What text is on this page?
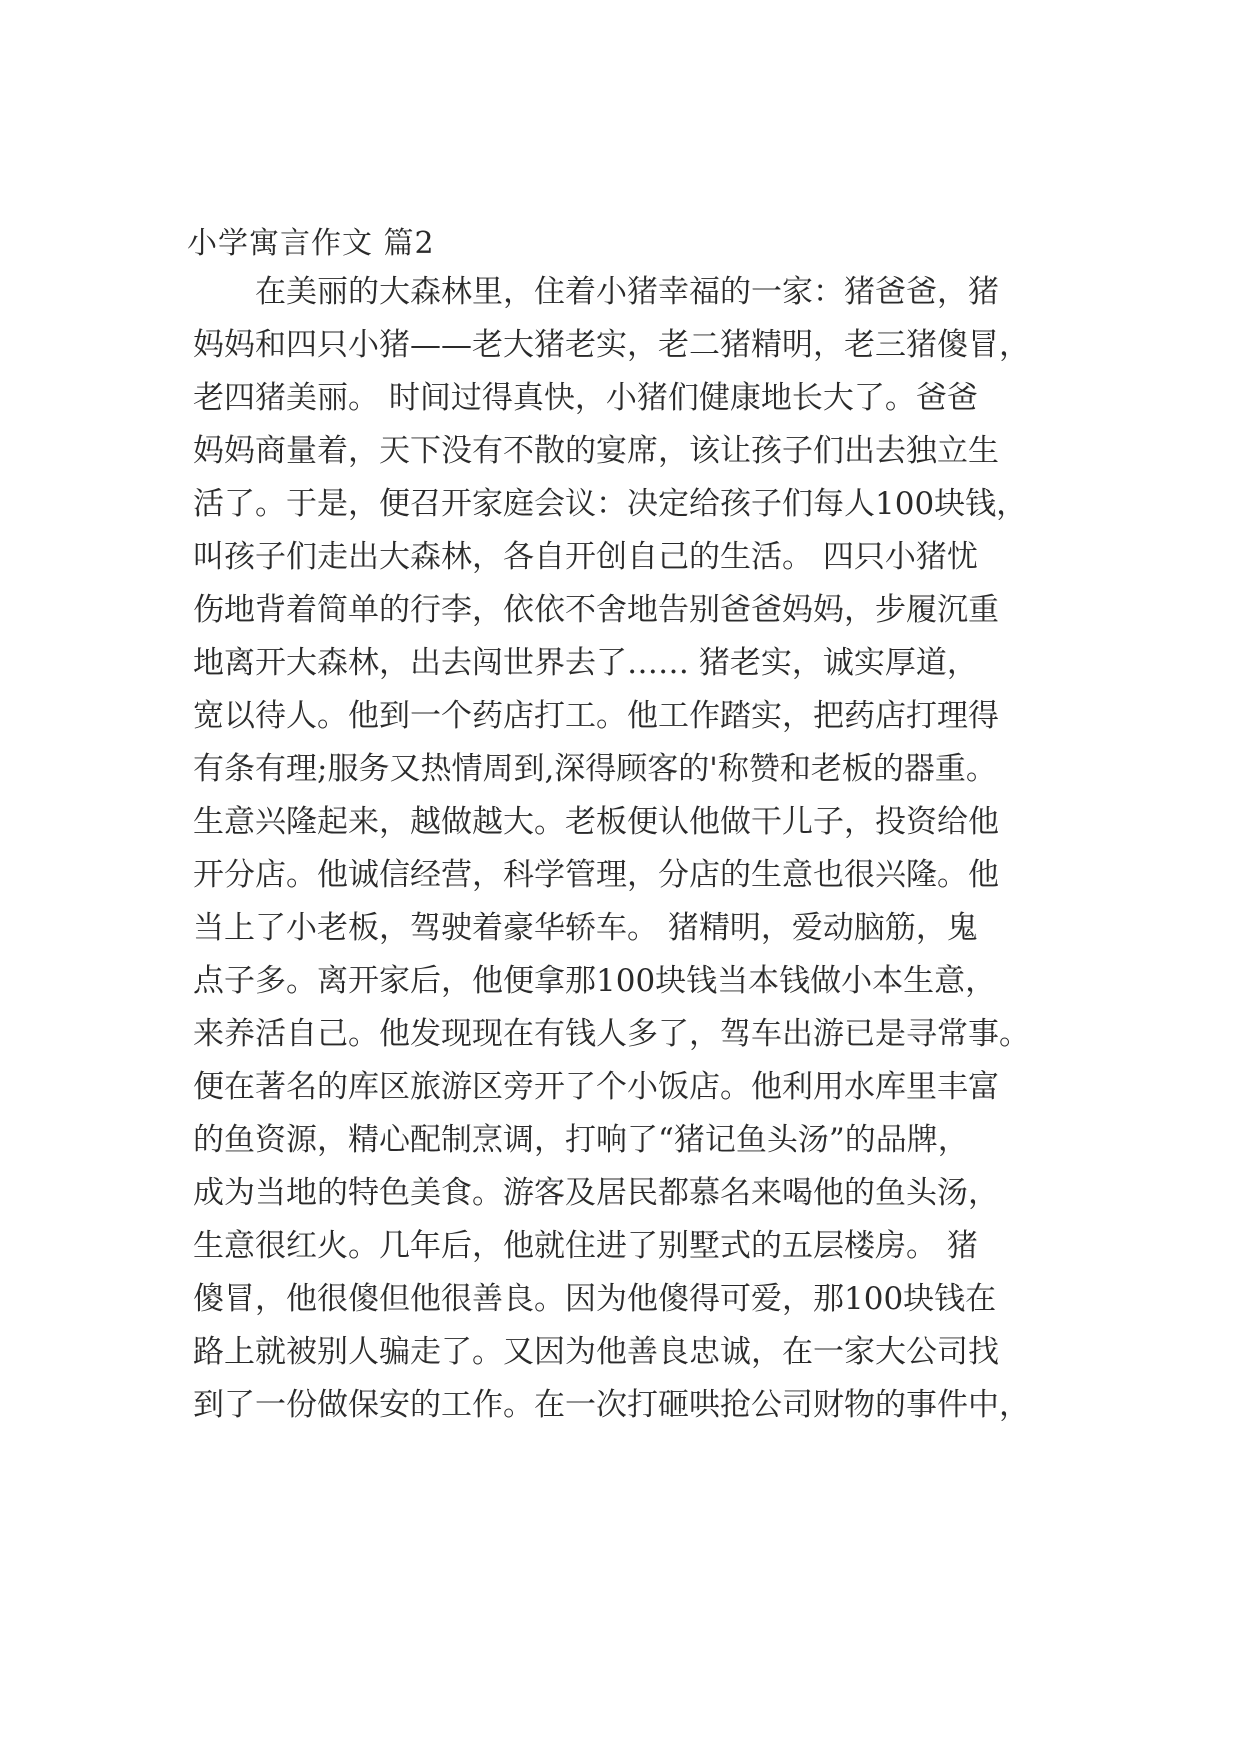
小学寓言作文 篇2
　　在美丽的大森林里，住着小猪幸福的一家：猪爸爸，猪
妈妈和四只小猪——老大猪老实，老二猪精明，老三猪傻冒，
老四猪美丽。 时间过得真快，小猪们健康地长大了。爸爸
妈妈商量着，天下没有不散的宴席，该让孩子们出去独立生
活了。于是，便召开家庭会议：决定给孩子们每人100块钱，
叫孩子们走出大森林，各自开创自己的生活。 四只小猪忧
伤地背着简单的行李，依依不舍地告别爸爸妈妈，步履沉重
地离开大森林，出去闯世界去了…… 猪老实，诚实厚道，
宽以待人。他到一个药店打工。他工作踏实，把药店打理得
有条有理;服务又热情周到,深得顾客的'称赞和老板的器重。
生意兴隆起来，越做越大。老板便认他做干儿子，投资给他
开分店。他诚信经营，科学管理，分店的生意也很兴隆。他
当上了小老板，驾驶着豪华轿车。 猪精明，爱动脑筋，鬼
点子多。离开家后，他便拿那100块钱当本钱做小本生意，
来养活自己。他发现现在有钱人多了，驾车出游已是寻常事。
便在著名的库区旅游区旁开了个小饭店。他利用水库里丰富
的鱼资源，精心配制烹调，打响了“猪记鱼头汤”的品牌，
成为当地的特色美食。游客及居民都慕名来喝他的鱼头汤，
生意很红火。几年后，他就住进了别墅式的五层楼房。 猪
傻冒，他很傻但他很善良。因为他傻得可爱，那100块钱在
路上就被别人骗走了。又因为他善良忠诚，在一家大公司找
到了一份做保安的工作。在一次打砸哄抢公司财物的事件中，
